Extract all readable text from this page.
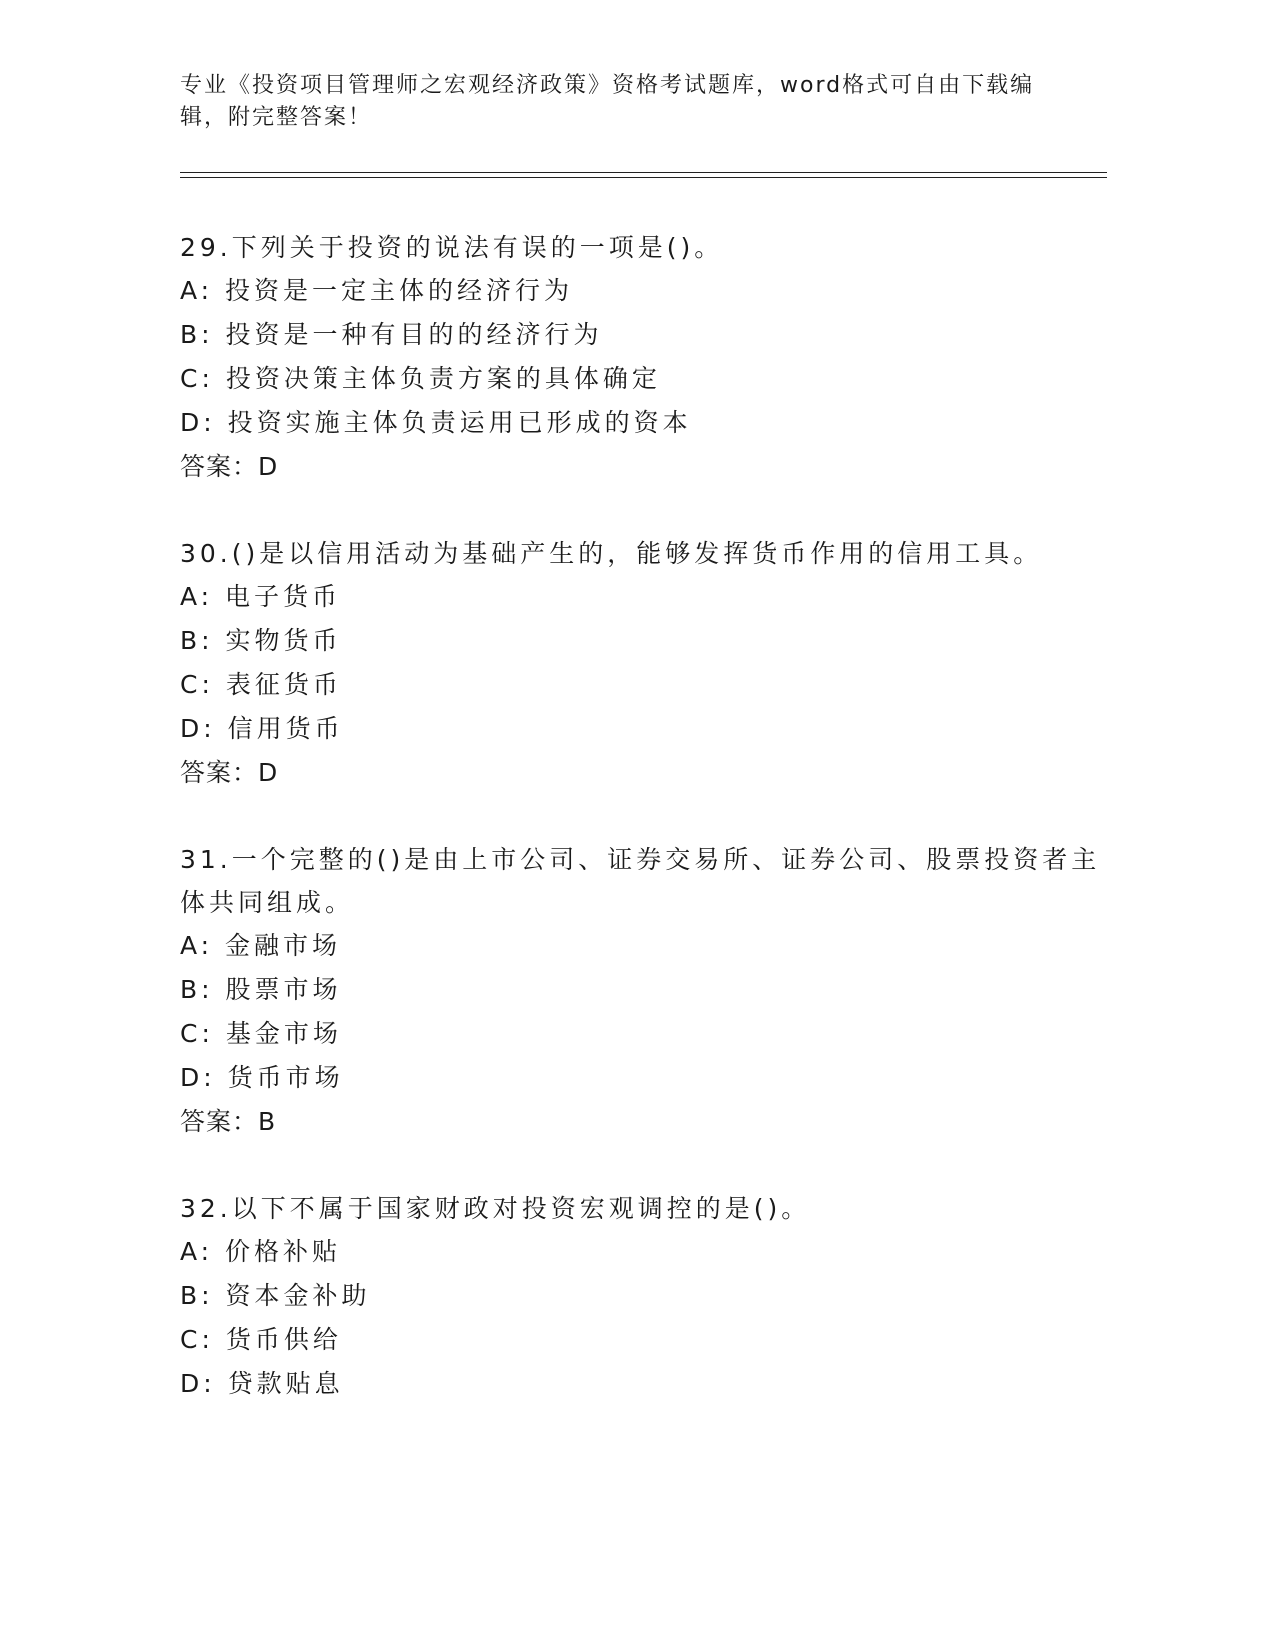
专业《投资项目管理师之宏观经济政策》资格考试题库，word格式可自由下载编辑，附完整答案！
29.下列关于投资的说法有误的一项是()。
A: 投资是一定主体的经济行为
B: 投资是一种有目的的经济行为
C: 投资决策主体负责方案的具体确定
D: 投资实施主体负责运用已形成的资本
答案：D
30.()是以信用活动为基础产生的，能够发挥货币作用的信用工具。
A: 电子货币
B: 实物货币
C: 表征货币
D: 信用货币
答案：D
31.一个完整的()是由上市公司、证券交易所、证券公司、股票投资者主体共同组成。
A: 金融市场
B: 股票市场
C: 基金市场
D: 货币市场
答案：B
32.以下不属于国家财政对投资宏观调控的是()。
A: 价格补贴
B: 资本金补助
C: 货币供给
D: 贷款贴息
